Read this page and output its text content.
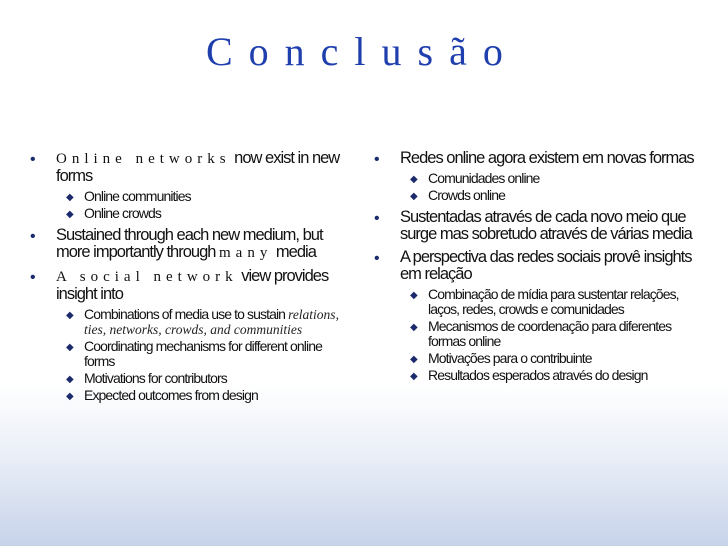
Conclusão
• Online networks now exist in new forms
◆ Online communities
◆ Online crowds
• Sustained through each new medium, but more importantly through many media
• A social network view provides insight into
◆ Combinations of media use to sustain relations, ties, networks, crowds, and communities
◆ Coordinating mechanisms for different online forms
◆ Motivations for contributors
◆ Expected outcomes from design
• Redes online agora existem em novas formas
◆ Comunidades online
◆ Crowds online
• Sustentadas através de cada novo meio que surge mas sobretudo através de várias media
• A perspectiva das redes sociais provê insights em relação
◆ Combinação de mídia para sustentar relações, laços, redes, crowds e comunidades
◆ Mecanismos de coordenação para diferentes formas online
◆ Motivações para o contribuinte
◆ Resultados esperados através do design
